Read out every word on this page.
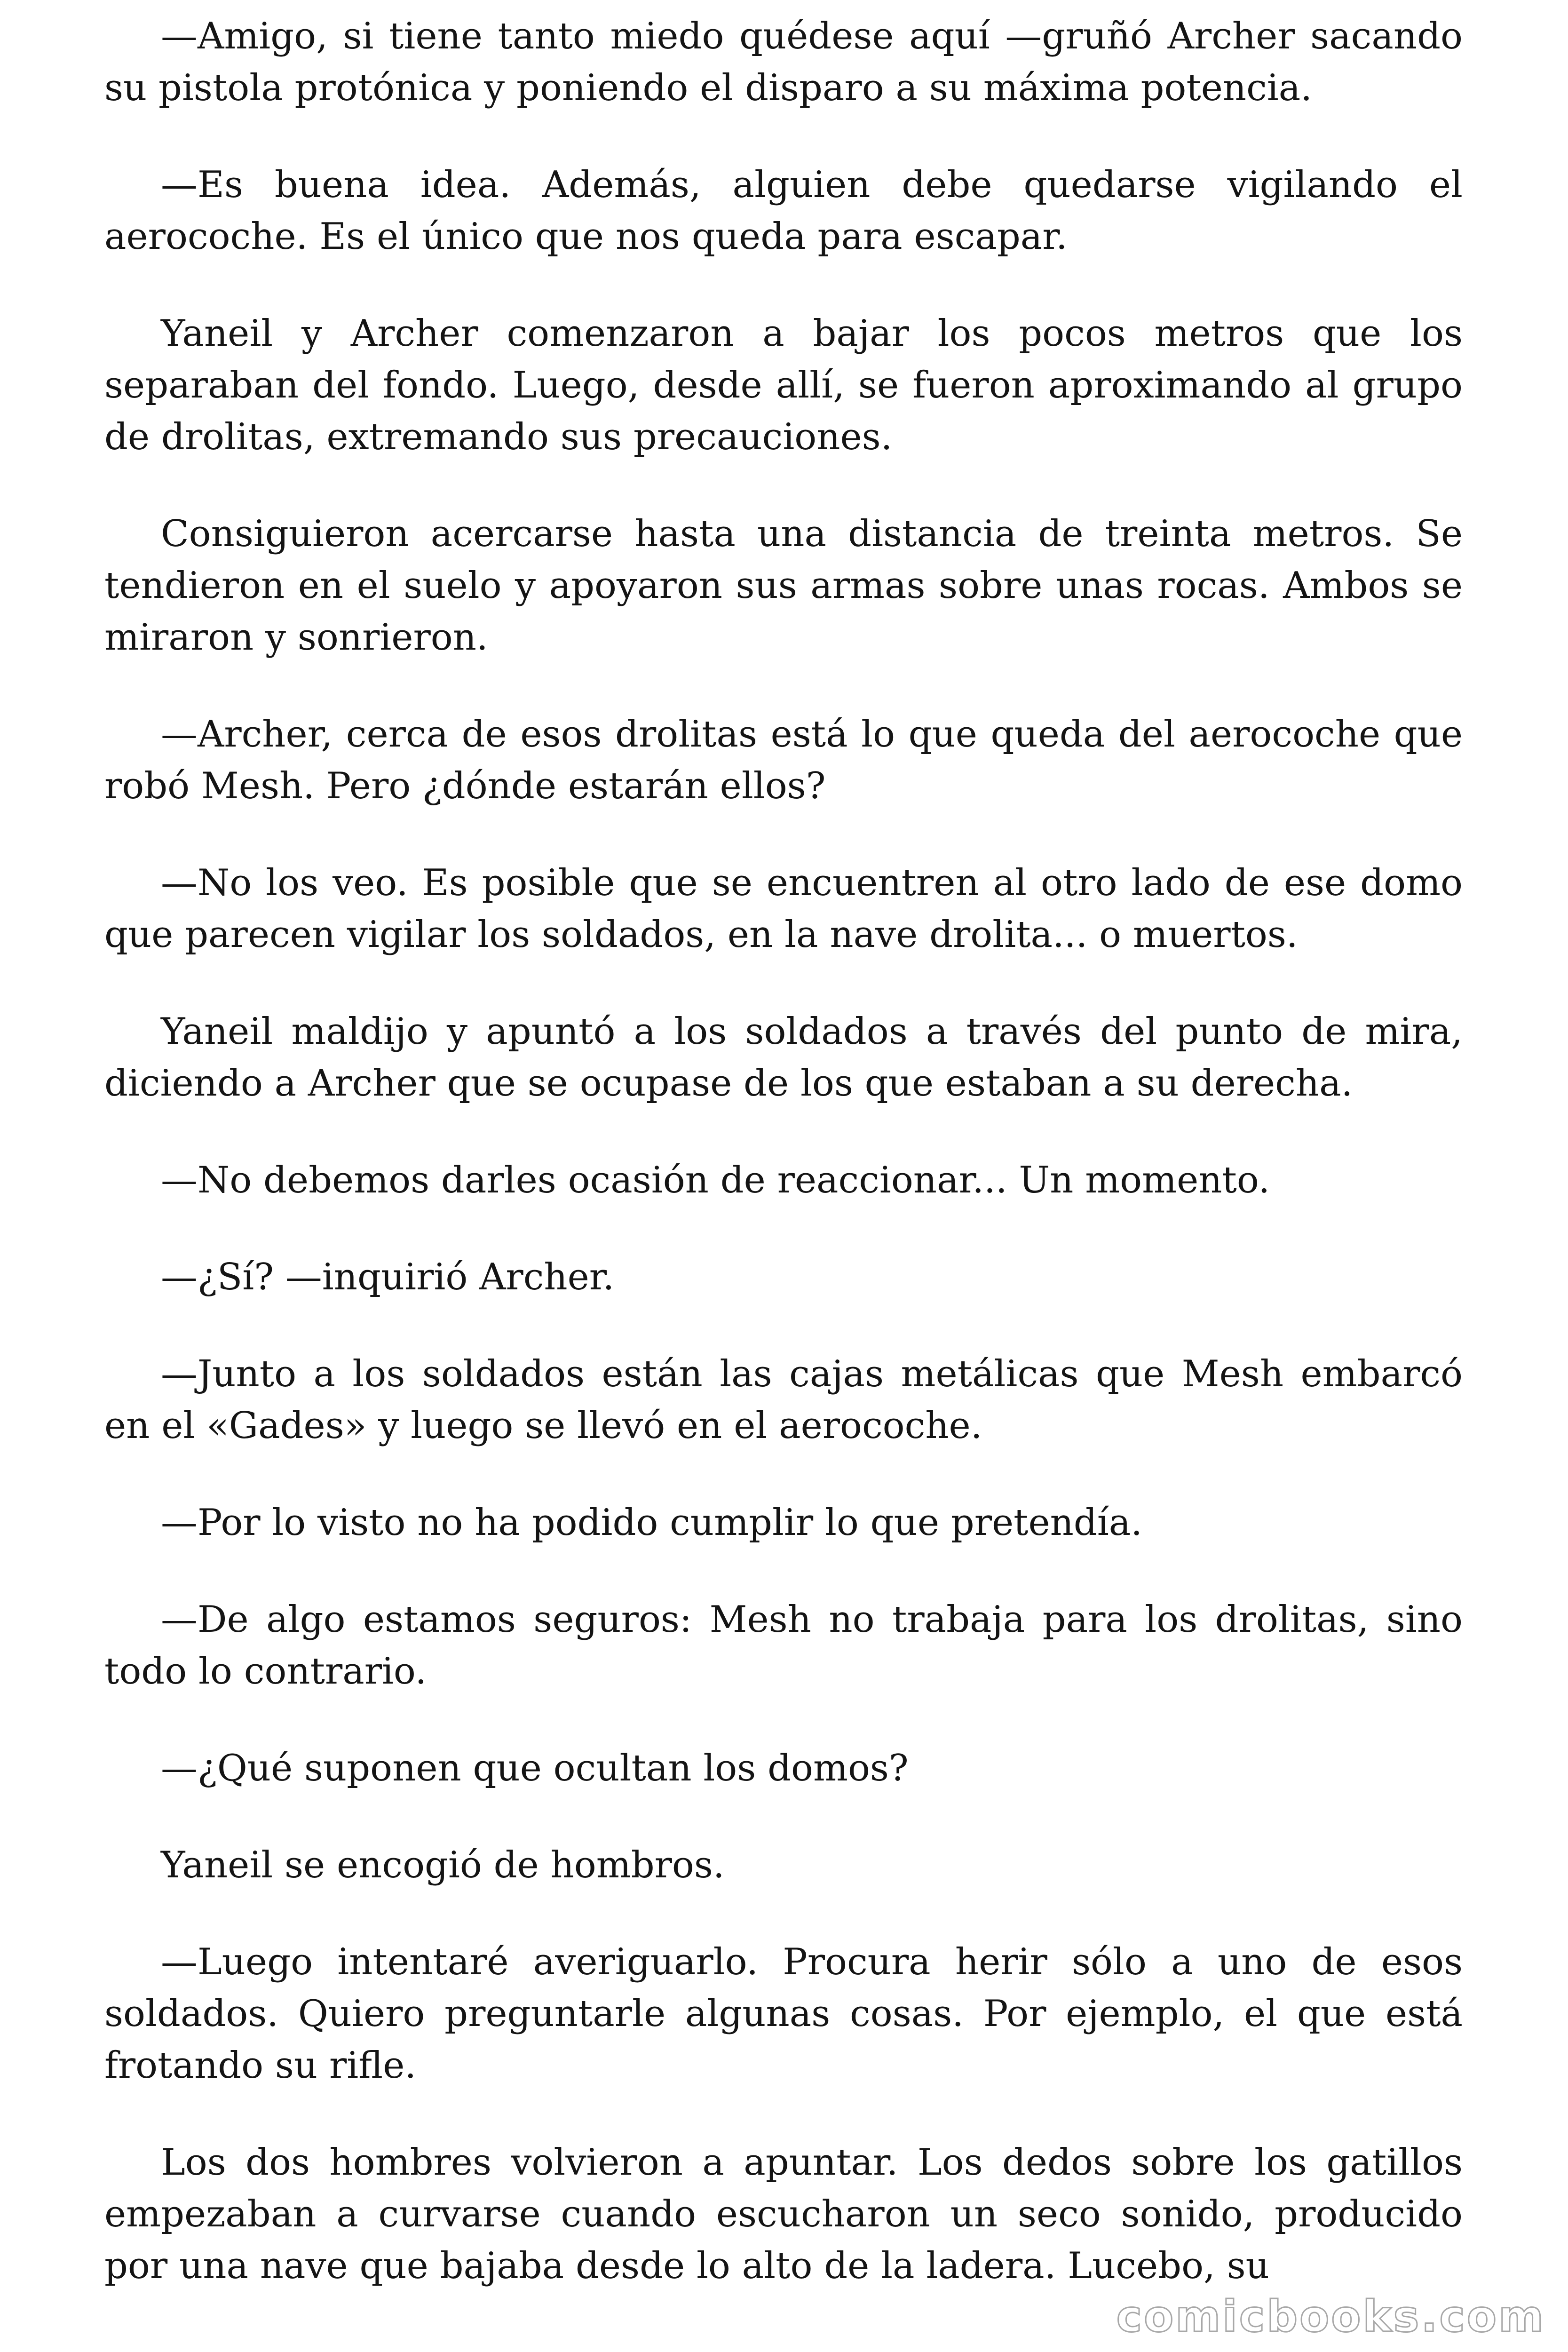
—Amigo, si tiene tanto miedo quédese aquí —gruñó Archer sacando su pistola protónica y poniendo el disparo a su máxima potencia.

—Es buena idea. Además, alguien debe quedarse vigilando el aerocoche. Es el único que nos queda para escapar.

Yaneil y Archer comenzaron a bajar los pocos metros que los separaban del fondo. Luego, desde allí, se fueron aproximando al grupo de drolitas, extremando sus precauciones.

Consiguieron acercarse hasta una distancia de treinta metros. Se tendieron en el suelo y apoyaron sus armas sobre unas rocas. Ambos se miraron y sonrieron.

—Archer, cerca de esos drolitas está lo que queda del aerocoche que robó Mesh. Pero ¿dónde estarán ellos?

—No los veo. Es posible que se encuentren al otro lado de ese domo que parecen vigilar los soldados, en la nave drolita... o muertos.

Yaneil maldijo y apuntó a los soldados a través del punto de mira, diciendo a Archer que se ocupase de los que estaban a su derecha.

—No debemos darles ocasión de reaccionar... Un momento.

—¿Sí? —inquirió Archer.

—Junto a los soldados están las cajas metálicas que Mesh embarcó en el «Gades» y luego se llevó en el aerocoche.

—Por lo visto no ha podido cumplir lo que pretendía.

—De algo estamos seguros: Mesh no trabaja para los drolitas, sino todo lo contrario.

—¿Qué suponen que ocultan los domos?

Yaneil se encogió de hombros.

—Luego intentaré averiguarlo. Procura herir sólo a uno de esos soldados. Quiero preguntarle algunas cosas. Por ejemplo, el que está frotando su rifle.

Los dos hombres volvieron a apuntar. Los dedos sobre los gatillos empezaban a curvarse cuando escucharon un seco sonido, producido por una nave que bajaba desde lo alto de la ladera. Lucebo, su

comicbooks.com
